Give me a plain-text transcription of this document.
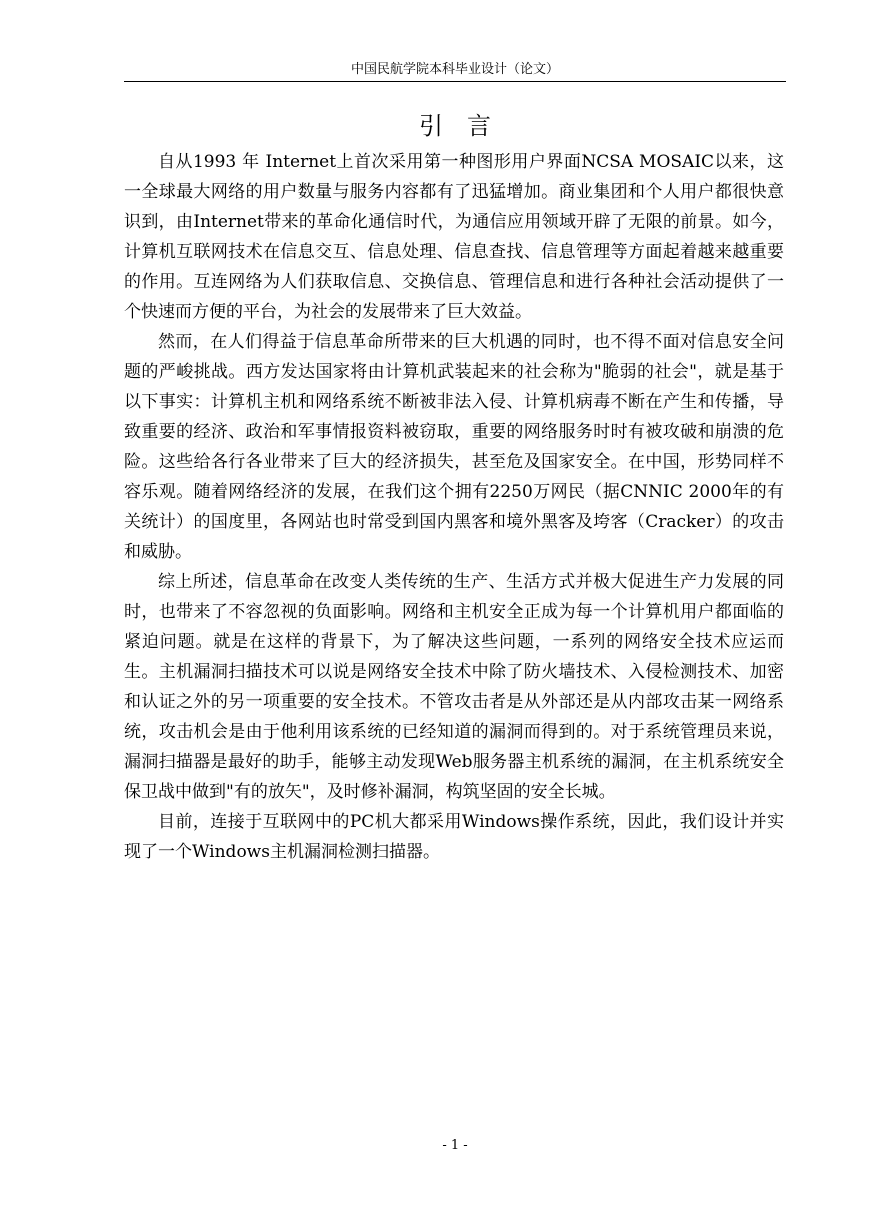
中国民航学院本科毕业设计（论文）
引言

自从1993 年 Internet上首次采用第一种图形用户界面NCSA MOSAIC以来，这一全球最大网络的用户数量与服务内容都有了迅猛增加。商业集团和个人用户都很快意识到，由Internet带来的革命化通信时代，为通信应用领域开辟了无限的前景。如今，计算机互联网技术在信息交互、信息处理、信息查找、信息管理等方面起着越来越重要的作用。互连网络为人们获取信息、交换信息、管理信息和进行各种社会活动提供了一个快速而方便的平台，为社会的发展带来了巨大效益。

然而，在人们得益于信息革命所带来的巨大机遇的同时，也不得不面对信息安全问题的严峻挑战。西方发达国家将由计算机武装起来的社会称为"脆弱的社会"，就是基于以下事实：计算机主机和网络系统不断被非法入侵、计算机病毒不断在产生和传播，导致重要的经济、政治和军事情报资料被窃取，重要的网络服务时时有被攻破和崩溃的危险。这些给各行各业带来了巨大的经济损失，甚至危及国家安全。在中国，形势同样不容乐观。随着网络经济的发展，在我们这个拥有2250万网民（据CNNIC 2000年的有关统计）的国度里，各网站也时常受到国内黑客和境外黑客及垮客（Cracker）的攻击和威胁。

综上所述，信息革命在改变人类传统的生产、生活方式并极大促进生产力发展的同时，也带来了不容忽视的负面影响。网络和主机安全正成为每一个计算机用户都面临的紧迫问题。就是在这样的背景下，为了解决这些问题，一系列的网络安全技术应运而生。主机漏洞扫描技术可以说是网络安全技术中除了防火墙技术、入侵检测技术、加密和认证之外的另一项重要的安全技术。不管攻击者是从外部还是从内部攻击某一网络系统，攻击机会是由于他利用该系统的已经知道的漏洞而得到的。对于系统管理员来说，漏洞扫描器是最好的助手，能够主动发现Web服务器主机系统的漏洞，在主机系统安全保卫战中做到"有的放矢"，及时修补漏洞，构筑坚固的安全长城。

目前，连接于互联网中的PC机大都采用Windows操作系统，因此，我们设计并实现了一个Windows主机漏洞检测扫描器。

- 1 -
